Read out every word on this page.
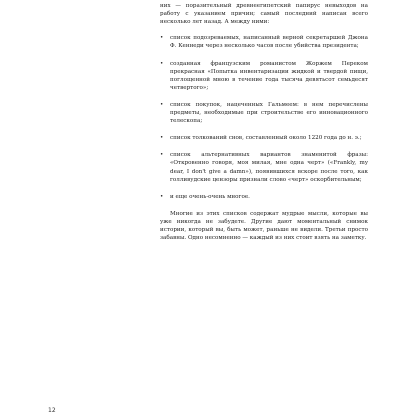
них — поразительный древнеегипетский папирус невыходов на работу с указанием причин; самый последний написан всего несколько лет назад. А между ними:

• список подозреваемых, написанный верной секретаршей Джона Ф. Кеннеди через несколько часов после убийства президента;
• созданная французским романистом Жоржем Переком прекрасная «Попытка инвентаризации жидкой и твердой пищи, поглощенной мною в течение года тысяча девятьсот семьдесят четвертого»;
• список покупок, нацеченных Гальмеем: в нем перечислены предметы, необходимые при строительстве его инновационного телескопа;
• список толкований снов, составленный около 1220 года до н. э.;
• список альтернативных вариантов знаменитой фразы: «Откровенно говоря, моя милая, мне одна черт» («Frankly, my dear, I don't give a damn»), появившихся вскоре после того, как голливудские цензоры признали слово «черт» оскорбительным;
• и еще очень-очень многое.

Многие из этих списков содержат мудрые мысли, которые вы уже никогда не забудете. Другие дают моментальный снимок истории, который вы, быть может, раньше не видели. Третьи просто забавны. Одно несомненно — каждый из них стоит взять на заметку.

12
